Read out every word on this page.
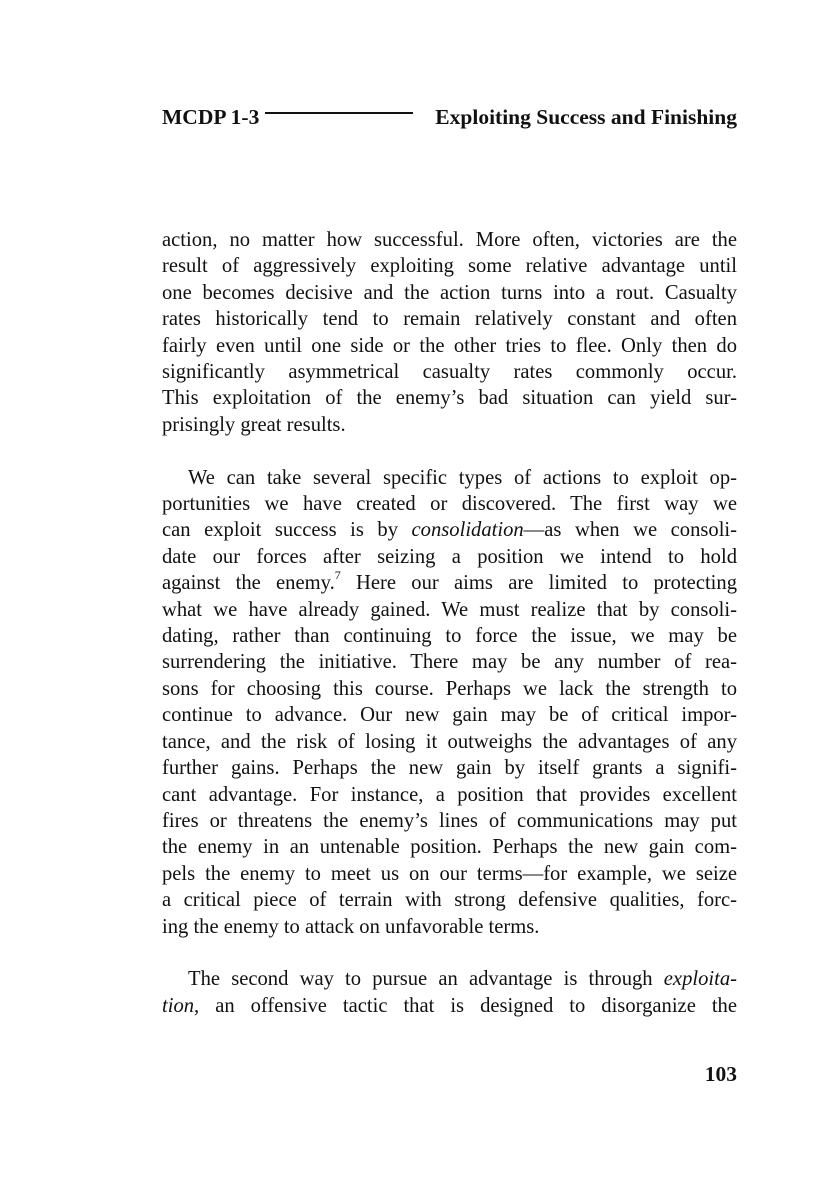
MCDP 1-3	Exploiting Success and Finishing

action, no matter how successful. More often, victories are the
result of aggressively exploiting some relative advantage until
one becomes decisive and the action turns into a rout. Casualty
rates historically tend to remain relatively constant and often
fairly even until one side or the other tries to flee. Only then do
significantly asymmetrical casualty rates commonly occur.
This exploitation of the enemy’s bad situation can yield sur-
prisingly great results.

We can take several specific types of actions to exploit op-
portunities we have created or discovered. The first way we
can exploit success is by consolidation—as when we consoli-
date our forces after seizing a position we intend to hold
against the enemy.$^7$ Here our aims are limited to protecting
what we have already gained. We must realize that by consoli-
dating, rather than continuing to force the issue, we may be
surrendering the initiative. There may be any number of rea-
sons for choosing this course. Perhaps we lack the strength to
continue to advance. Our new gain may be of critical impor-
tance, and the risk of losing it outweighs the advantages of any
further gains. Perhaps the new gain by itself grants a signifi-
cant advantage. For instance, a position that provides excellent
fires or threatens the enemy’s lines of communications may put
the enemy in an untenable position. Perhaps the new gain com-
pels the enemy to meet us on our terms—for example, we seize
a critical piece of terrain with strong defensive qualities, forc-
ing the enemy to attack on unfavorable terms.

The second way to pursue an advantage is through exploita-
tion, an offensive tactic that is designed to disorganize the

103
